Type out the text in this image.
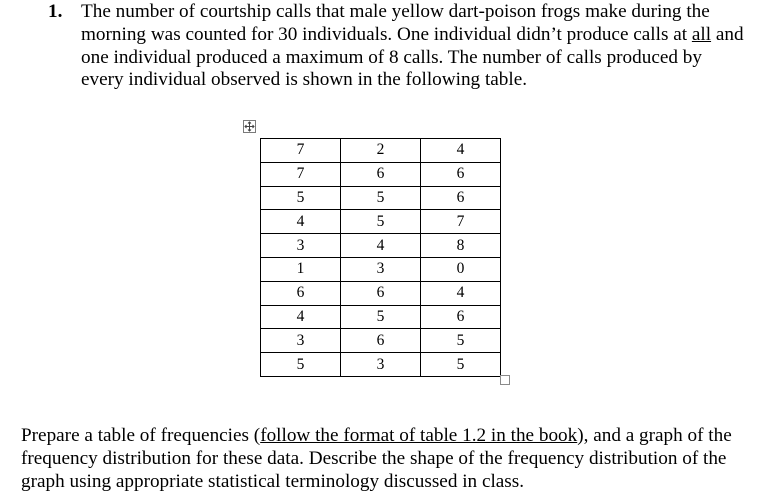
1. The number of courtship calls that male yellow dart-poison frogs make during the morning was counted for 30 individuals. One individual didn’t produce calls at all and one individual produced a maximum of 8 calls. The number of calls produced by every individual observed is shown in the following table.
7	2	4
7	6	6
5	5	6
4	5	7
3	4	8
1	3	0
6	6	4
4	5	6
3	6	5
5	3	5
Prepare a table of frequencies (follow the format of table 1.2 in the book), and a graph of the frequency distribution for these data. Describe the shape of the frequency distribution of the graph using appropriate statistical terminology discussed in class.
